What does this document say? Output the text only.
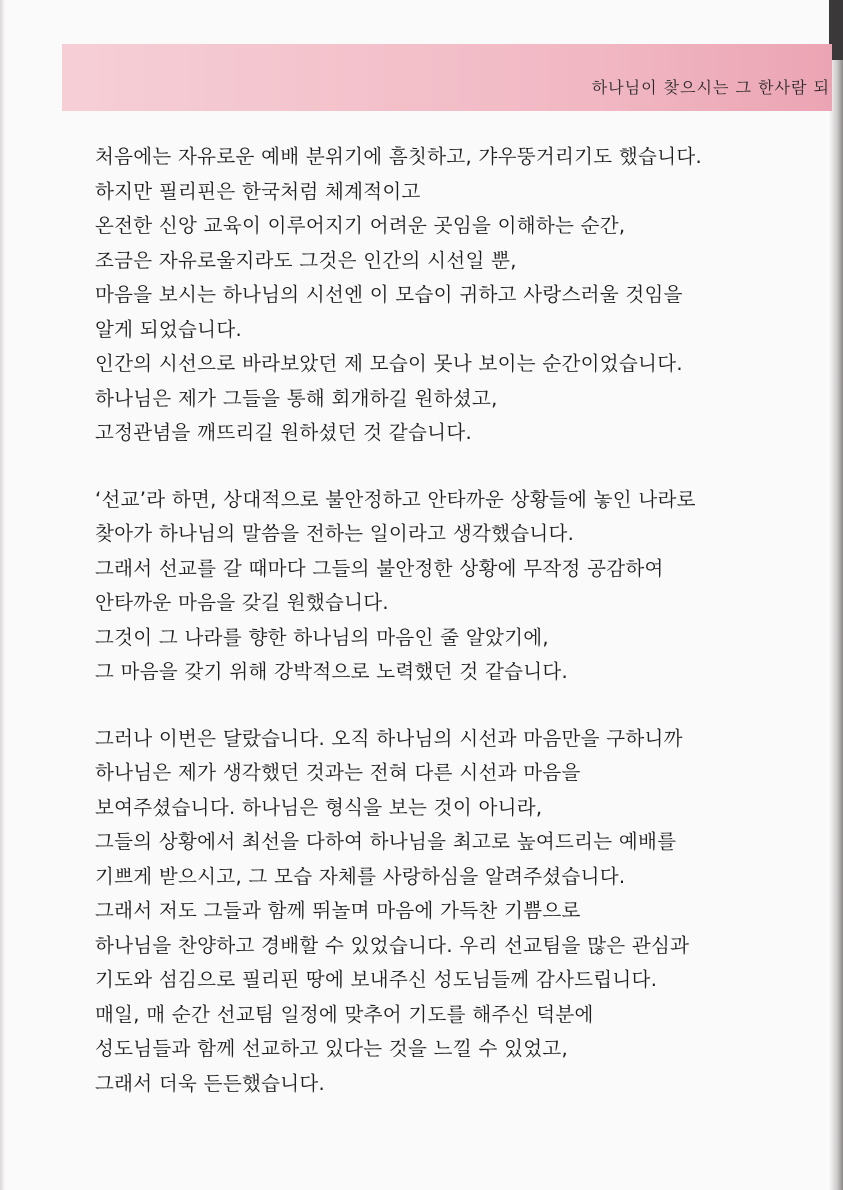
하나님이 찾으시는 그 한사람 되

처음에는 자유로운 예배 분위기에 흠칫하고, 갸우뚱거리기도 했습니다.
하지만 필리핀은 한국처럼 체계적이고
온전한 신앙 교육이 이루어지기 어려운 곳임을 이해하는 순간,
조금은 자유로울지라도 그것은 인간의 시선일 뿐,
마음을 보시는 하나님의 시선엔 이 모습이 귀하고 사랑스러울 것임을
알게 되었습니다.
인간의 시선으로 바라보았던 제 모습이 못나 보이는 순간이었습니다.
하나님은 제가 그들을 통해 회개하길 원하셨고,
고정관념을 깨뜨리길 원하셨던 것 같습니다.

‘선교’라 하면, 상대적으로 불안정하고 안타까운 상황들에 놓인 나라로
찾아가 하나님의 말씀을 전하는 일이라고 생각했습니다.
그래서 선교를 갈 때마다 그들의 불안정한 상황에 무작정 공감하여
안타까운 마음을 갖길 원했습니다.
그것이 그 나라를 향한 하나님의 마음인 줄 알았기에,
그 마음을 갖기 위해 강박적으로 노력했던 것 같습니다.

그러나 이번은 달랐습니다. 오직 하나님의 시선과 마음만을 구하니까
하나님은 제가 생각했던 것과는 전혀 다른 시선과 마음을
보여주셨습니다. 하나님은 형식을 보는 것이 아니라,
그들의 상황에서 최선을 다하여 하나님을 최고로 높여드리는 예배를
기쁘게 받으시고, 그 모습 자체를 사랑하심을 알려주셨습니다.
그래서 저도 그들과 함께 뛰놀며 마음에 가득찬 기쁨으로
하나님을 찬양하고 경배할 수 있었습니다. 우리 선교팀을 많은 관심과
기도와 섬김으로 필리핀 땅에 보내주신 성도님들께 감사드립니다.
매일, 매 순간 선교팀 일정에 맞추어 기도를 해주신 덕분에
성도님들과 함께 선교하고 있다는 것을 느낄 수 있었고,
그래서 더욱 든든했습니다.
